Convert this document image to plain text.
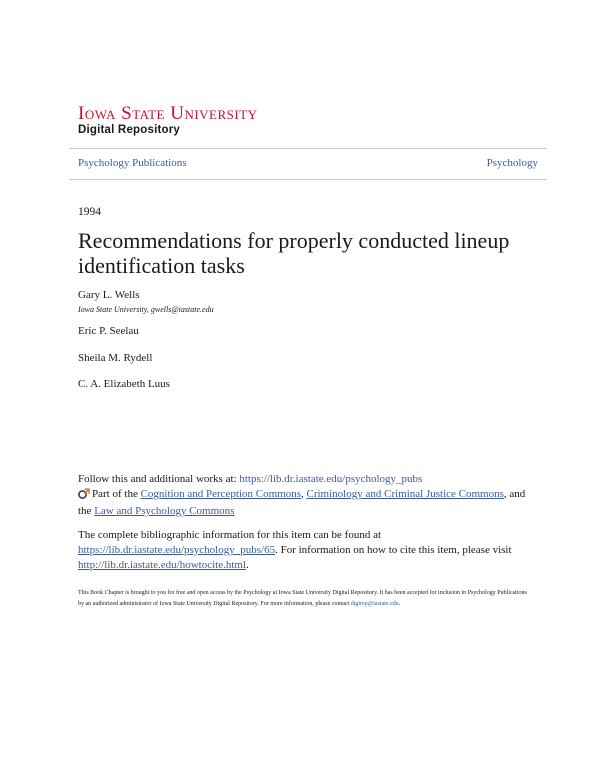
Iowa State University
Digital Repository
Psychology Publications	Psychology
1994
Recommendations for properly conducted lineup identification tasks
Gary L. Wells
Iowa State University, gwells@iastate.edu
Eric P. Seelau
Sheila M. Rydell
C. A. Elizabeth Luus
Follow this and additional works at: https://lib.dr.iastate.edu/psychology_pubs
Part of the Cognition and Perception Commons, Criminology and Criminal Justice Commons, and the Law and Psychology Commons
The complete bibliographic information for this item can be found at https://lib.dr.iastate.edu/psychology_pubs/65. For information on how to cite this item, please visit http://lib.dr.iastate.edu/howtocite.html.
This Book Chapter is brought to you for free and open access by the Psychology at Iowa State University Digital Repository. It has been accepted for inclusion in Psychology Publications by an authorized administrator of Iowa State University Digital Repository. For more information, please contact digirep@iastate.edu.
